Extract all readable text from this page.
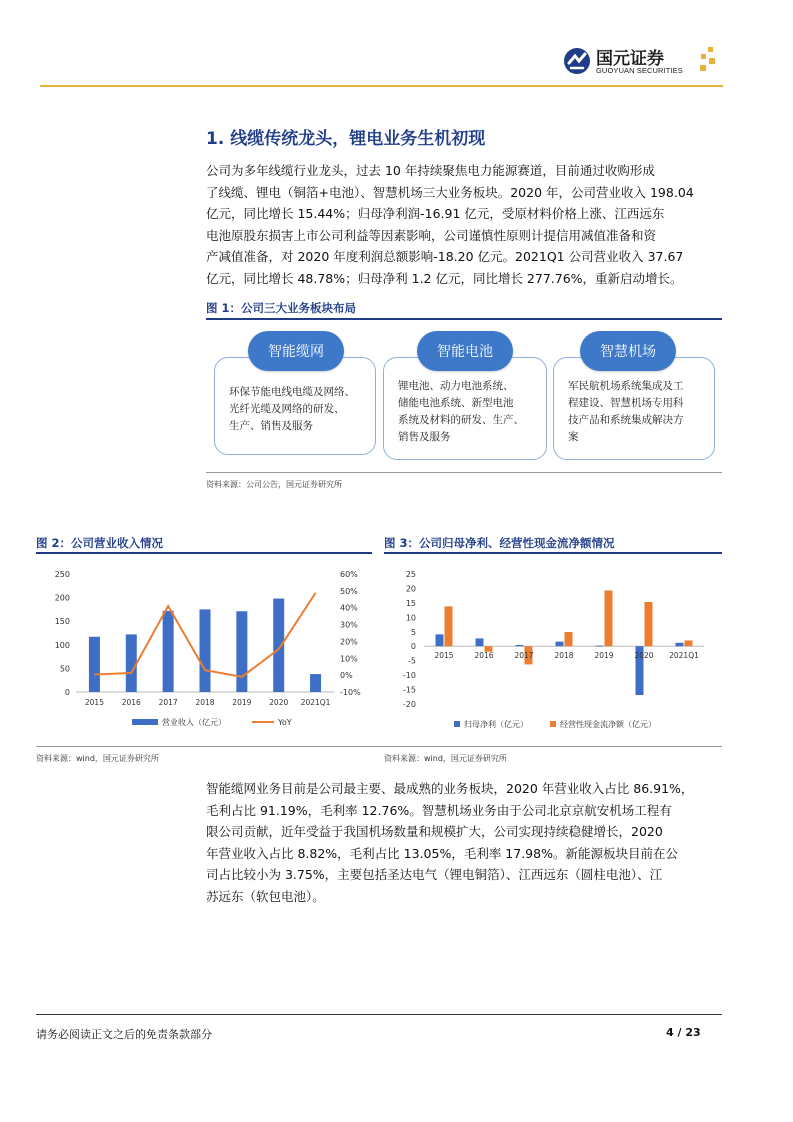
国元证券
GUOYUAN SECURITIES
1. 线缆传统龙头，锂电业务生机初现

公司为多年线缆行业龙头，过去 10 年持续聚焦电力能源赛道，目前通过收购形成

了线缆、锂电（铜箔+电池）、智慧机场三大业务板块。2020 年，公司营业收入 198.04

亿元，同比增长 15.44%；归母净利润-16.91 亿元，受原材料价格上涨、江西远东

电池原股东损害上市公司利益等因素影响，公司谨慎性原则计提信用减值准备和资

产减值准备，对 2020 年度利润总额影响-18.20 亿元。2021Q1 公司营业收入 37.67

亿元，同比增长 48.78%；归母净利 1.2 亿元，同比增长 277.76%，重新启动增长。

图 1：公司三大业务板块布局
环保节能电线电缆及网络、
光纤光缆及网络的研发、
生产、销售及服务
锂电池、动力电池系统、
储能电池系统、新型电池
系统及材料的研发、生产、
销售及服务
军民航机场系统集成及工
程建设、智慧机场专用科
技产品和系统集成解决方
案
智能缆网	智能电池	智慧机场
资料来源：公司公告，国元证券研究所
图 2：公司营业收入情况
0
50
100
150
200
250
-10%
0%
10%
20%
30%
40%
50%
60%
2015 2016 2017 2018 2019 2020 2021Q1
营业收入（亿元）	YoY
图 3：公司归母净利、经营性现金流净额情况
-20
-15
-10
-5
0
5
10
15
20
25
2015	2016	2017	2018	2019	2020 2021Q1
归母净利（亿元）	经营性现金流净额（亿元）
资料来源：wind，国元证券研究所	资料来源：wind，国元证券研究所

智能缆网业务目前是公司最主要、最成熟的业务板块，2020 年营业收入占比 86.91%，

毛利占比 91.19%，毛利率 12.76%。智慧机场业务由于公司北京京航安机场工程有

限公司贡献，近年受益于我国机场数量和规模扩大，公司实现持续稳健增长，2020

年营业收入占比 8.82%，毛利占比 13.05%，毛利率 17.98%。新能源板块目前在公

司占比较小为 3.75%，主要包括圣达电气（锂电铜箔）、江西远东（圆柱电池）、江

苏远东（软包电池）。

请务必阅读正文之后的免责条款部分	4 / 23
